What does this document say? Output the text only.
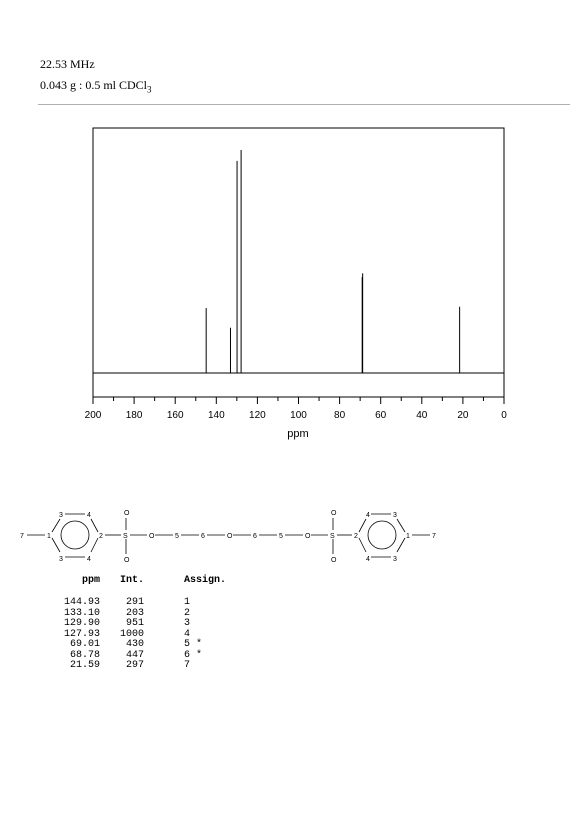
22.53 MHz
0.043 g : 0.5 ml CDCl$_3$
200 180 160 140 120 100	80	60	40	20	0
ppm
7	1	2
3	4
4
3
S
O
O
O	5	6	O	6	5	O	S
O
O
2
4	3
3
4
1	7
ppm	Int.	Assign.
144.93	291	1
133.10	203	2
129.90	951	3
127.93	1000	4
69.01	430	5 *
68.78	447	6 *
21.59	297	7
